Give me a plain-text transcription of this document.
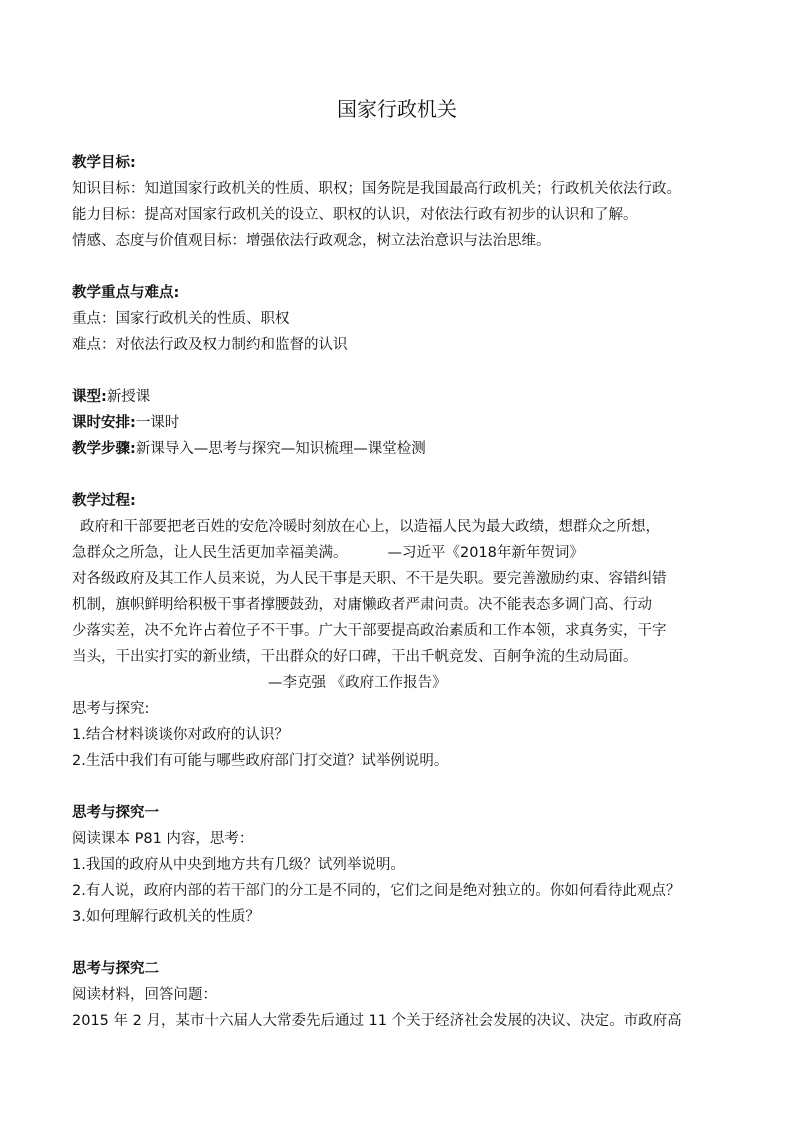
国家行政机关

教学目标:

知识目标：知道国家行政机关的性质、职权；国务院是我国最高行政机关；行政机关依法行政。

能力目标：提高对国家行政机关的设立、职权的认识，对依法行政有初步的认识和了解。

情感、态度与价值观目标：增强依法行政观念，树立法治意识与法治思维。

教学重点与难点:

重点：国家行政机关的性质、职权

难点：对依法行政及权力制约和监督的认识

课型:新授课

课时安排:一课时

教学步骤:新课导入—思考与探究—知识梳理—课堂检测

教学过程:

政府和干部要把老百姓的安危冷暖时刻放在心上，以造福人民为最大政绩，想群众之所想，

急群众之所急，让人民生活更加幸福美满。	—习近平《2018年新年贺词》

对各级政府及其工作人员来说，为人民干事是天职、不干是失职。要完善激励约束、容错纠错

机制，旗帜鲜明给积极干事者撑腰鼓劲，对庸懒政者严肃问责。决不能表态多调门高、行动

少落实差，决不允许占着位子不干事。广大干部要提高政治素质和工作本领，求真务实，干字

当头，干出实打实的新业绩，干出群众的好口碑，干出千帆竞发、百舸争流的生动局面。

—李克强 《政府工作报告》

思考与探究:

1.结合材料谈谈你对政府的认识？

2.生活中我们有可能与哪些政府部门打交道？试举例说明。

思考与探究一

阅读课本 P81 内容，思考：

1.我国的政府从中央到地方共有几级？试列举说明。

2.有人说，政府内部的若干部门的分工是不同的，它们之间是绝对独立的。你如何看待此观点？

3.如何理解行政机关的性质？

思考与探究二

阅读材料，回答问题：

2015 年 2 月，某市十六届人大常委先后通过 11 个关于经济社会发展的决议、决定。市政府高
